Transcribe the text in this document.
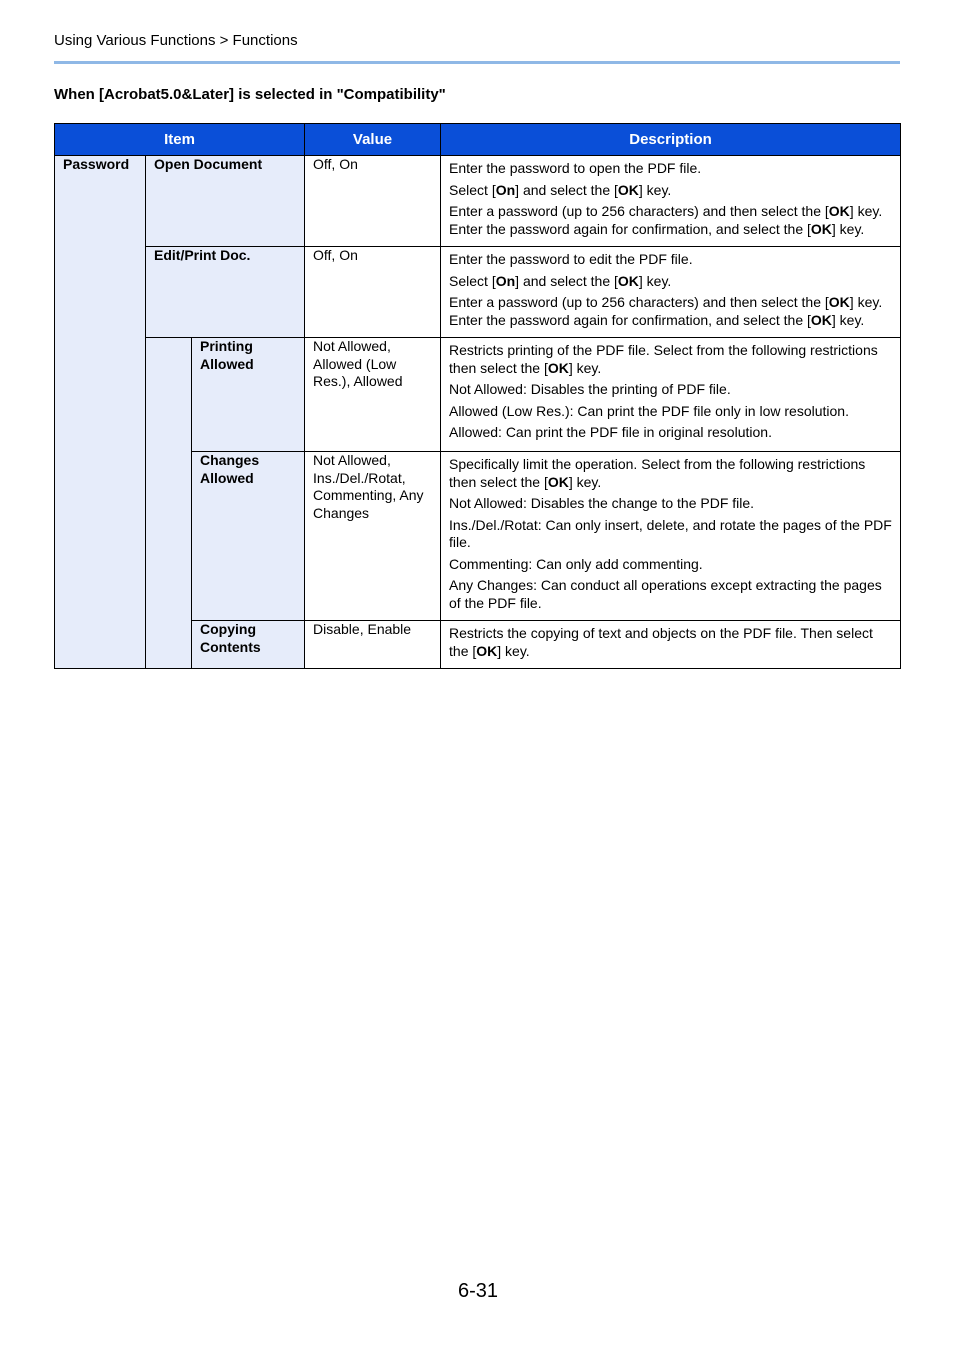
Using Various Functions > Functions
When [Acrobat5.0&Later] is selected in "Compatibility"
Item			Value	Description
Password	Open Document		Off, On	Enter the password to open the PDF file.

Select [On] and select the [OK] key.

Enter a password (up to 256 characters) and then select the [OK] key. Enter the password again for confirmation, and select the [OK] key.

	Edit/Print Doc.		Off, On	Enter the password to edit the PDF file.

Select [On] and select the [OK] key.

Enter a password (up to 256 characters) and then select the [OK] key. Enter the password again for confirmation, and select the [OK] key.

		Printing Allowed	Not Allowed, Allowed (Low Res.), Allowed	Restricts printing of the PDF file. Select from the following restrictions then select the [OK] key.

Not Allowed: Disables the printing of PDF file.

Allowed (Low Res.): Can print the PDF file only in low resolution.

Allowed: Can print the PDF file in original resolution.

		Changes Allowed	Not Allowed, Ins./Del./Rotat, Commenting, Any Changes	Specifically limit the operation. Select from the following restrictions then select the [OK] key.

Not Allowed: Disables the change to the PDF file.

Ins./Del./Rotat: Can only insert, delete, and rotate the pages of the PDF file.

Commenting: Can only add commenting.

Any Changes: Can conduct all operations except extracting the pages of the PDF file.

		Copying Contents	Disable, Enable	Restricts the copying of text and objects on the PDF file. Then select the [OK] key.

6-31
